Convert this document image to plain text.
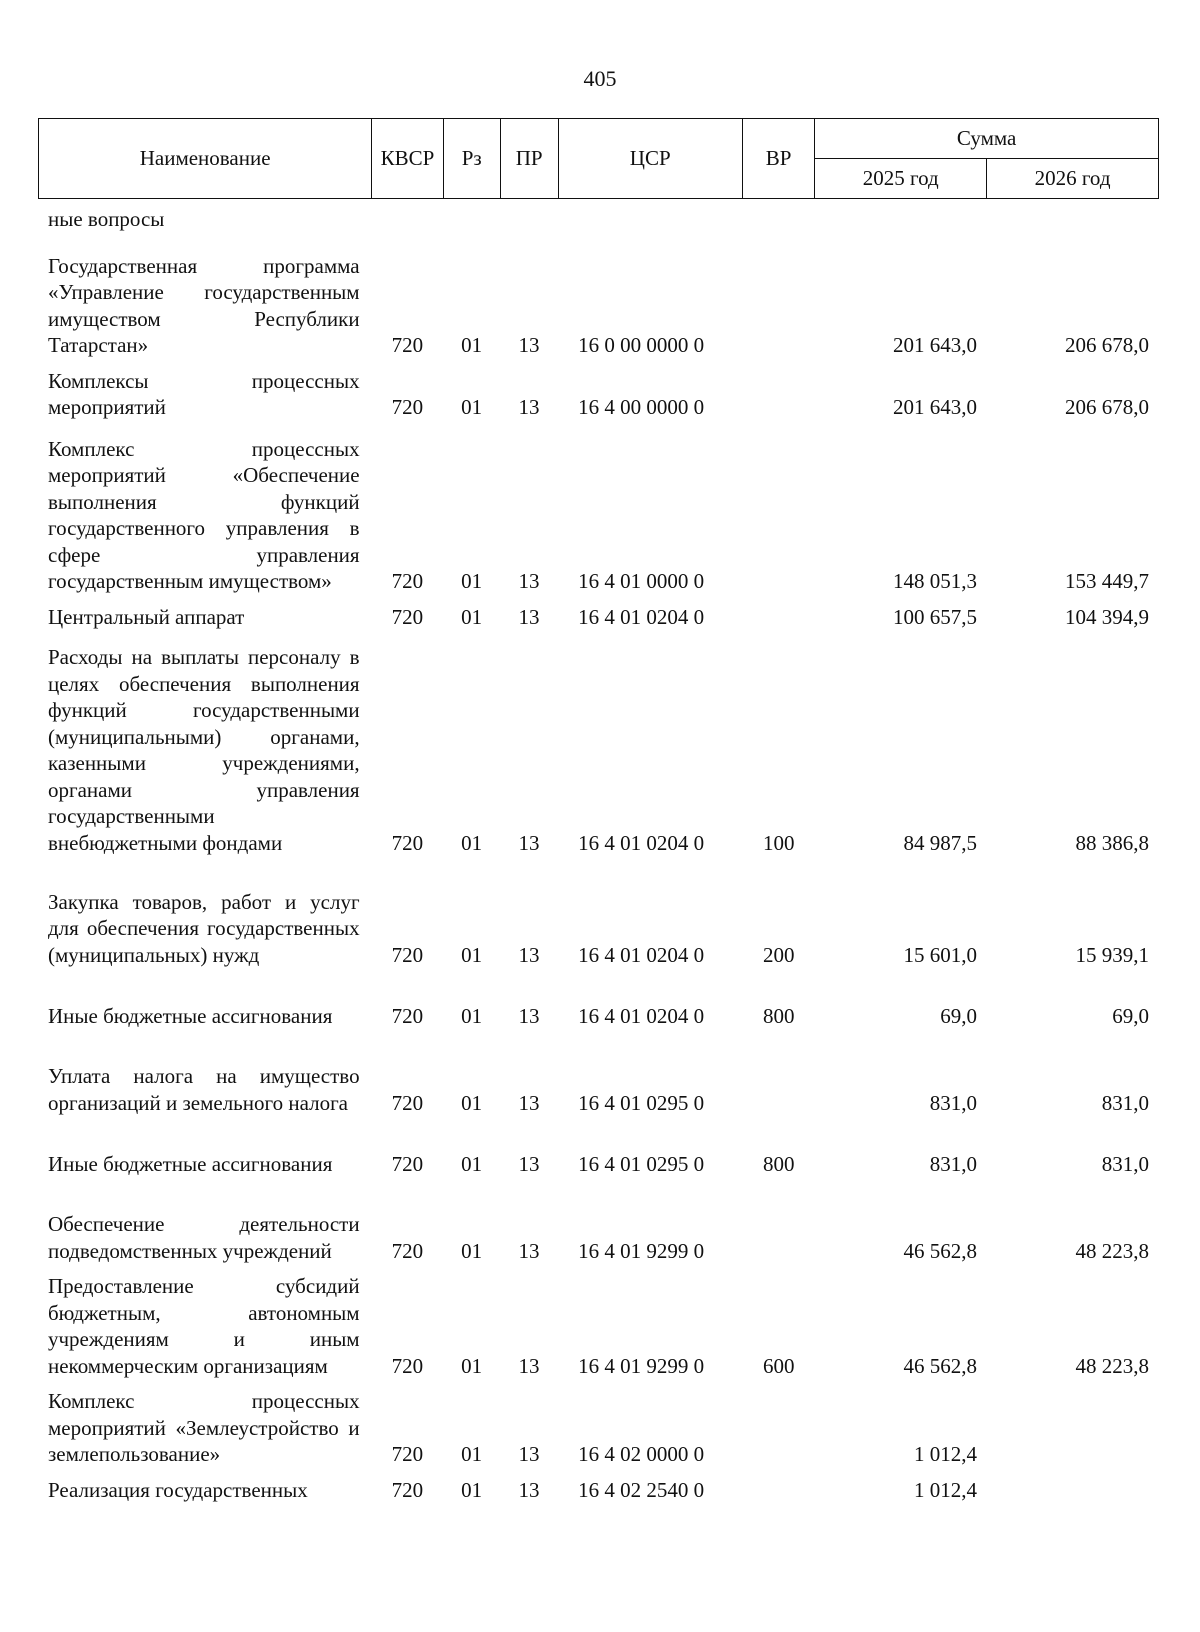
405
Наименование	КВСР	Рз	ПР	ЦСР	ВР	Сумма	
						2025 год	2026 год
ные вопросы							
Государственная программа «Управление государственным имуществом Республики Татарстан»	720	01	13	16 0 00 0000 0		201 643,0	206 678,0
Комплексы процессных мероприятий	720	01	13	16 4 00 0000 0		201 643,0	206 678,0
Комплекс процессных мероприятий «Обеспечение выполнения функций государственного управления в сфере управления государственным имуществом»	720	01	13	16 4 01 0000 0		148 051,3	153 449,7
Центральный аппарат	720	01	13	16 4 01 0204 0		100 657,5	104 394,9
Расходы на выплаты персоналу в целях обеспечения выполнения функций государственными (муниципальными) органами, казенными учреждениями, органами управления государственными внебюджетными фондами	720	01	13	16 4 01 0204 0	100	84 987,5	88 386,8
Закупка товаров, работ и услуг для обеспечения государственных (муниципальных) нужд	720	01	13	16 4 01 0204 0	200	15 601,0	15 939,1
Иные бюджетные ассигнования	720	01	13	16 4 01 0204 0	800	69,0	69,0
Уплата налога на имущество организаций и земельного налога	720	01	13	16 4 01 0295 0		831,0	831,0
Иные бюджетные ассигнования	720	01	13	16 4 01 0295 0	800	831,0	831,0
Обеспечение деятельности подведомственных учреждений	720	01	13	16 4 01 9299 0		46 562,8	48 223,8
Предоставление субсидий бюджетным, автономным учреждениям и иным некоммерческим организациям	720	01	13	16 4 01 9299 0	600	46 562,8	48 223,8
Комплекс процессных мероприятий «Землеустройство и землепользование»	720	01	13	16 4 02 0000 0		1 012,4	
Реализация государственных	720	01	13	16 4 02 2540 0		1 012,4	
